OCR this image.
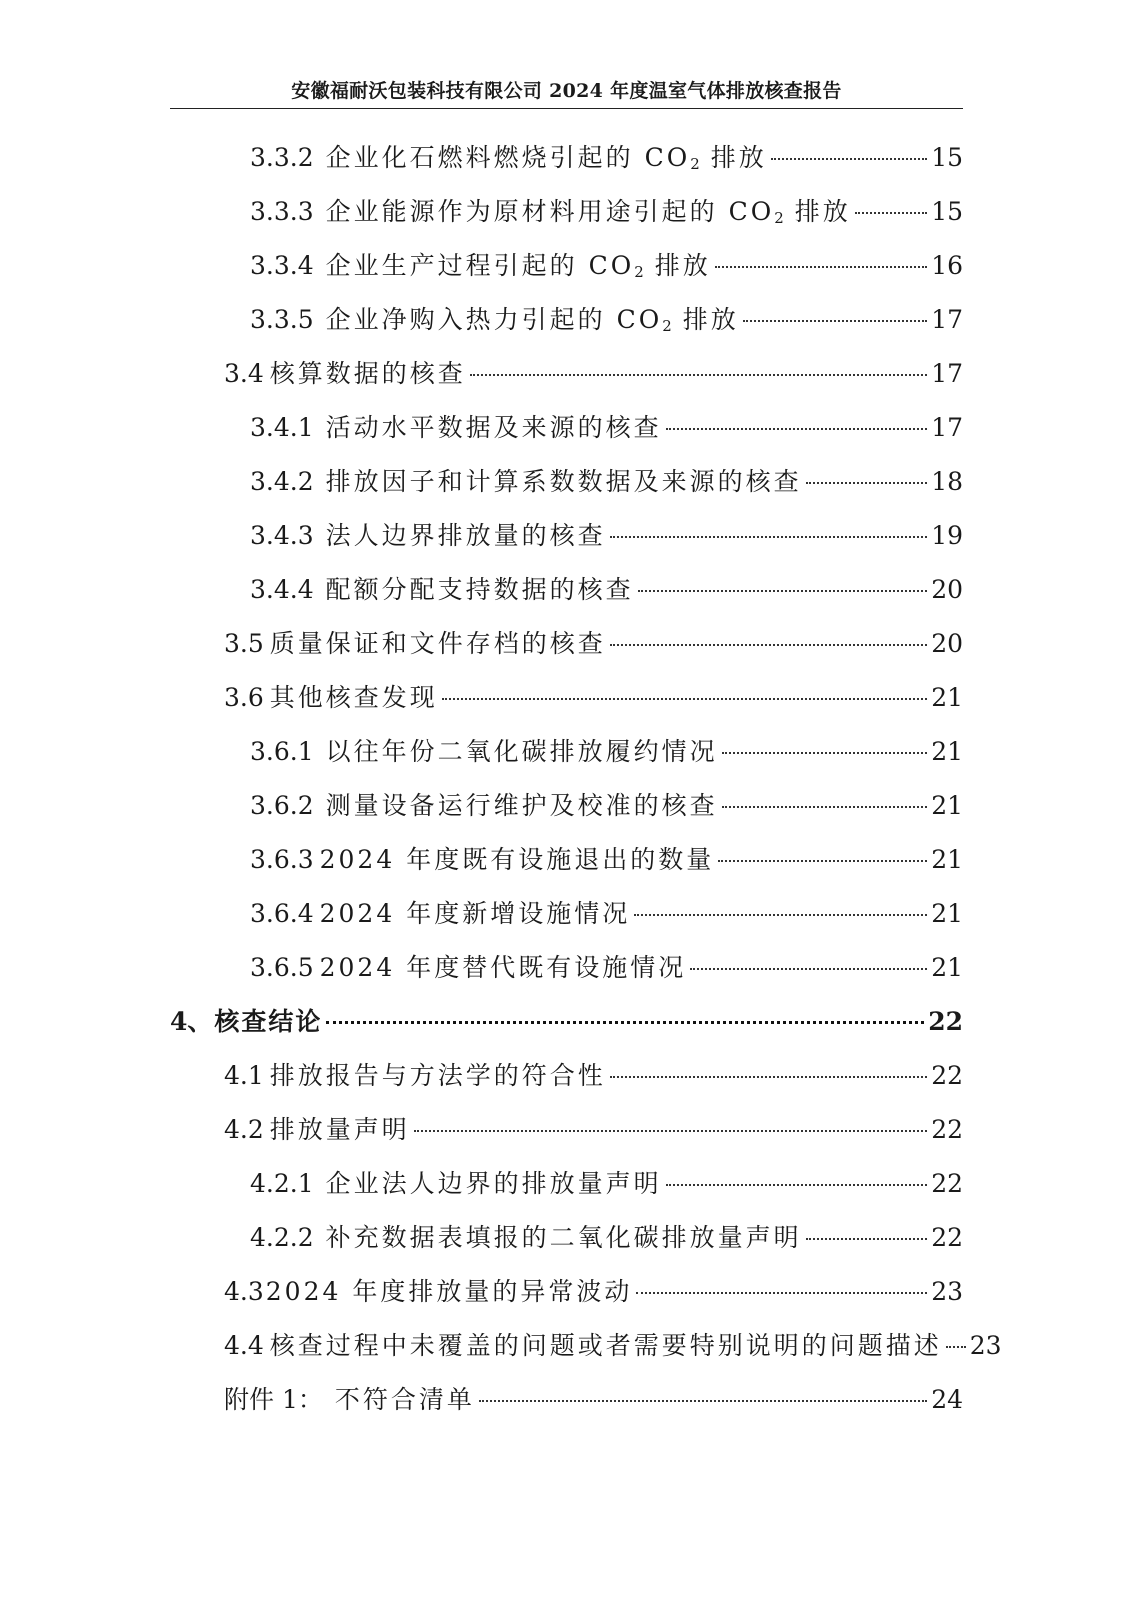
安徽福耐沃包装科技有限公司 2024 年度温室气体排放核查报告
3.3.2 企业化石燃料燃烧引起的 $CO_2$ 排放	15
3.3.3 企业能源作为原材料用途引起的 $CO_2$ 排放	15
3.3.4 企业生产过程引起的 $CO_2$ 排放	16
3.3.5 企业净购入热力引起的 $CO_2$ 排放	17
3.4 核算数据的核查	17
3.4.1 活动水平数据及来源的核查	17
3.4.2 排放因子和计算系数数据及来源的核查	18
3.4.3 法人边界排放量的核查	19
3.4.4 配额分配支持数据的核查	20
3.5 质量保证和文件存档的核查	20
3.6 其他核查发现	21
3.6.1 以往年份二氧化碳排放履约情况	21
3.6.2 测量设备运行维护及校准的核查	21
3.6.3 2024 年度既有设施退出的数量	21
3.6.4 2024 年度新增设施情况	21
3.6.5 2024 年度替代既有设施情况	21
4、 核查结论	22
4.1 排放报告与方法学的符合性	22
4.2 排放量声明	22
4.2.1 企业法人边界的排放量声明	22
4.2.2 补充数据表填报的二氧化碳排放量声明	22
4.3 2024 年度排放量的异常波动	23
4.4 核查过程中未覆盖的问题或者需要特别说明的问题描述 23
附件 1： 不符合清单	24
